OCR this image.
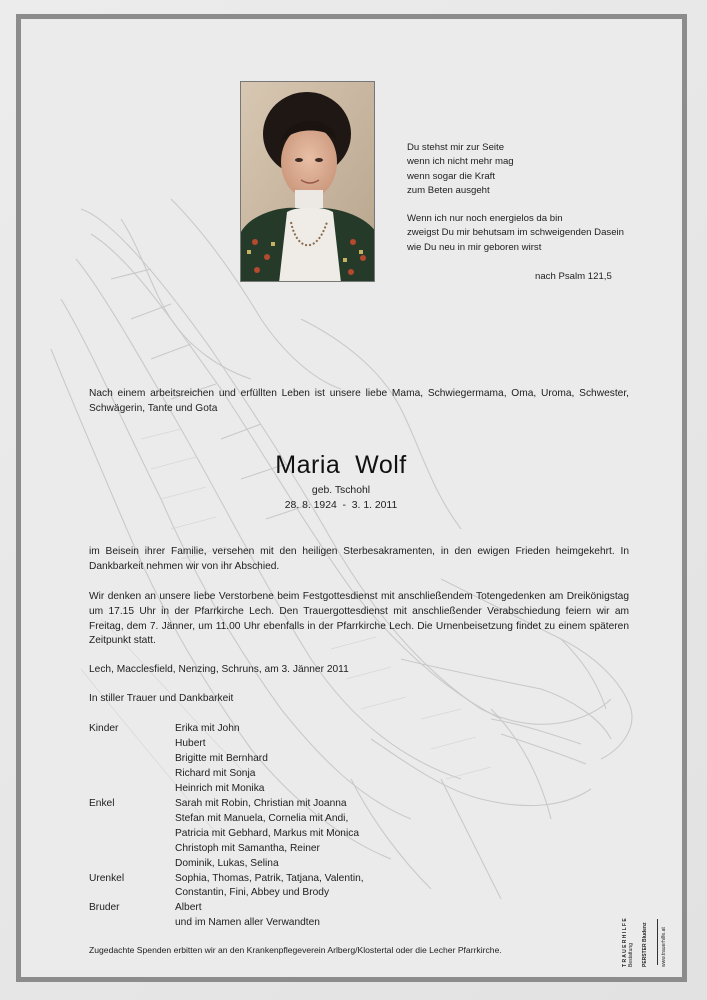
Du stehst mir zur Seite
wenn ich nicht mehr mag
wenn sogar die Kraft
zum Beten ausgeht

Wenn ich nur noch energielos da bin
zweigst Du mir behutsam im schweigenden Dasein
wie Du neu in mir geboren wirst

nach Psalm 121,5
Nach einem arbeitsreichen und erfüllten Leben ist unsere liebe Mama, Schwiegermama, Oma, Uroma, Schwester, Schwägerin, Tante und Gota
Maria  Wolf
geb. Tschohl
28. 8. 1924  -  3. 1. 2011
im Beisein ihrer Familie, versehen mit den heiligen Sterbesakramenten, in den ewigen Frieden heimgekehrt. In Dankbarkeit nehmen wir von ihr Abschied.
Wir denken an unsere liebe Verstorbene beim Festgottesdienst mit anschließendem Totengedenken am Dreikönigstag um 17.15 Uhr in der Pfarrkirche Lech. Den Trauergottesdienst mit anschließender Verabschiedung feiern wir am Freitag, dem 7. Jänner, um 11.00 Uhr ebenfalls in der Pfarrkirche Lech. Die Urnenbeisetzung findet zu einem späteren Zeitpunkt statt.
Lech, Macclesfield, Nenzing, Schruns, am 3. Jänner 2011
In stiller Trauer und Dankbarkeit
Kinder	Erika mit John
Hubert
Brigitte mit Bernhard
Richard mit Sonja
Heinrich mit Monika
Enkel	Sarah mit Robin, Christian mit Joanna
Stefan mit Manuela, Cornelia mit Andi,
Patricia mit Gebhard, Markus mit Monica
Christoph mit Samantha, Reiner
Dominik, Lukas, Selina
Urenkel	Sophia, Thomas, Patrik, Tatjana, Valentin,
Constantin, Fini, Abbey und Brody
Bruder	Albert
und im Namen aller Verwandten
Zugedachte Spenden erbitten wir an den Krankenpflegeverein Arlberg/Klostertal oder die Lecher Pfarrkirche.	T R A U E R H I L F E Bestattung PERSTER Bludenz	www.trauerhilfe.at
